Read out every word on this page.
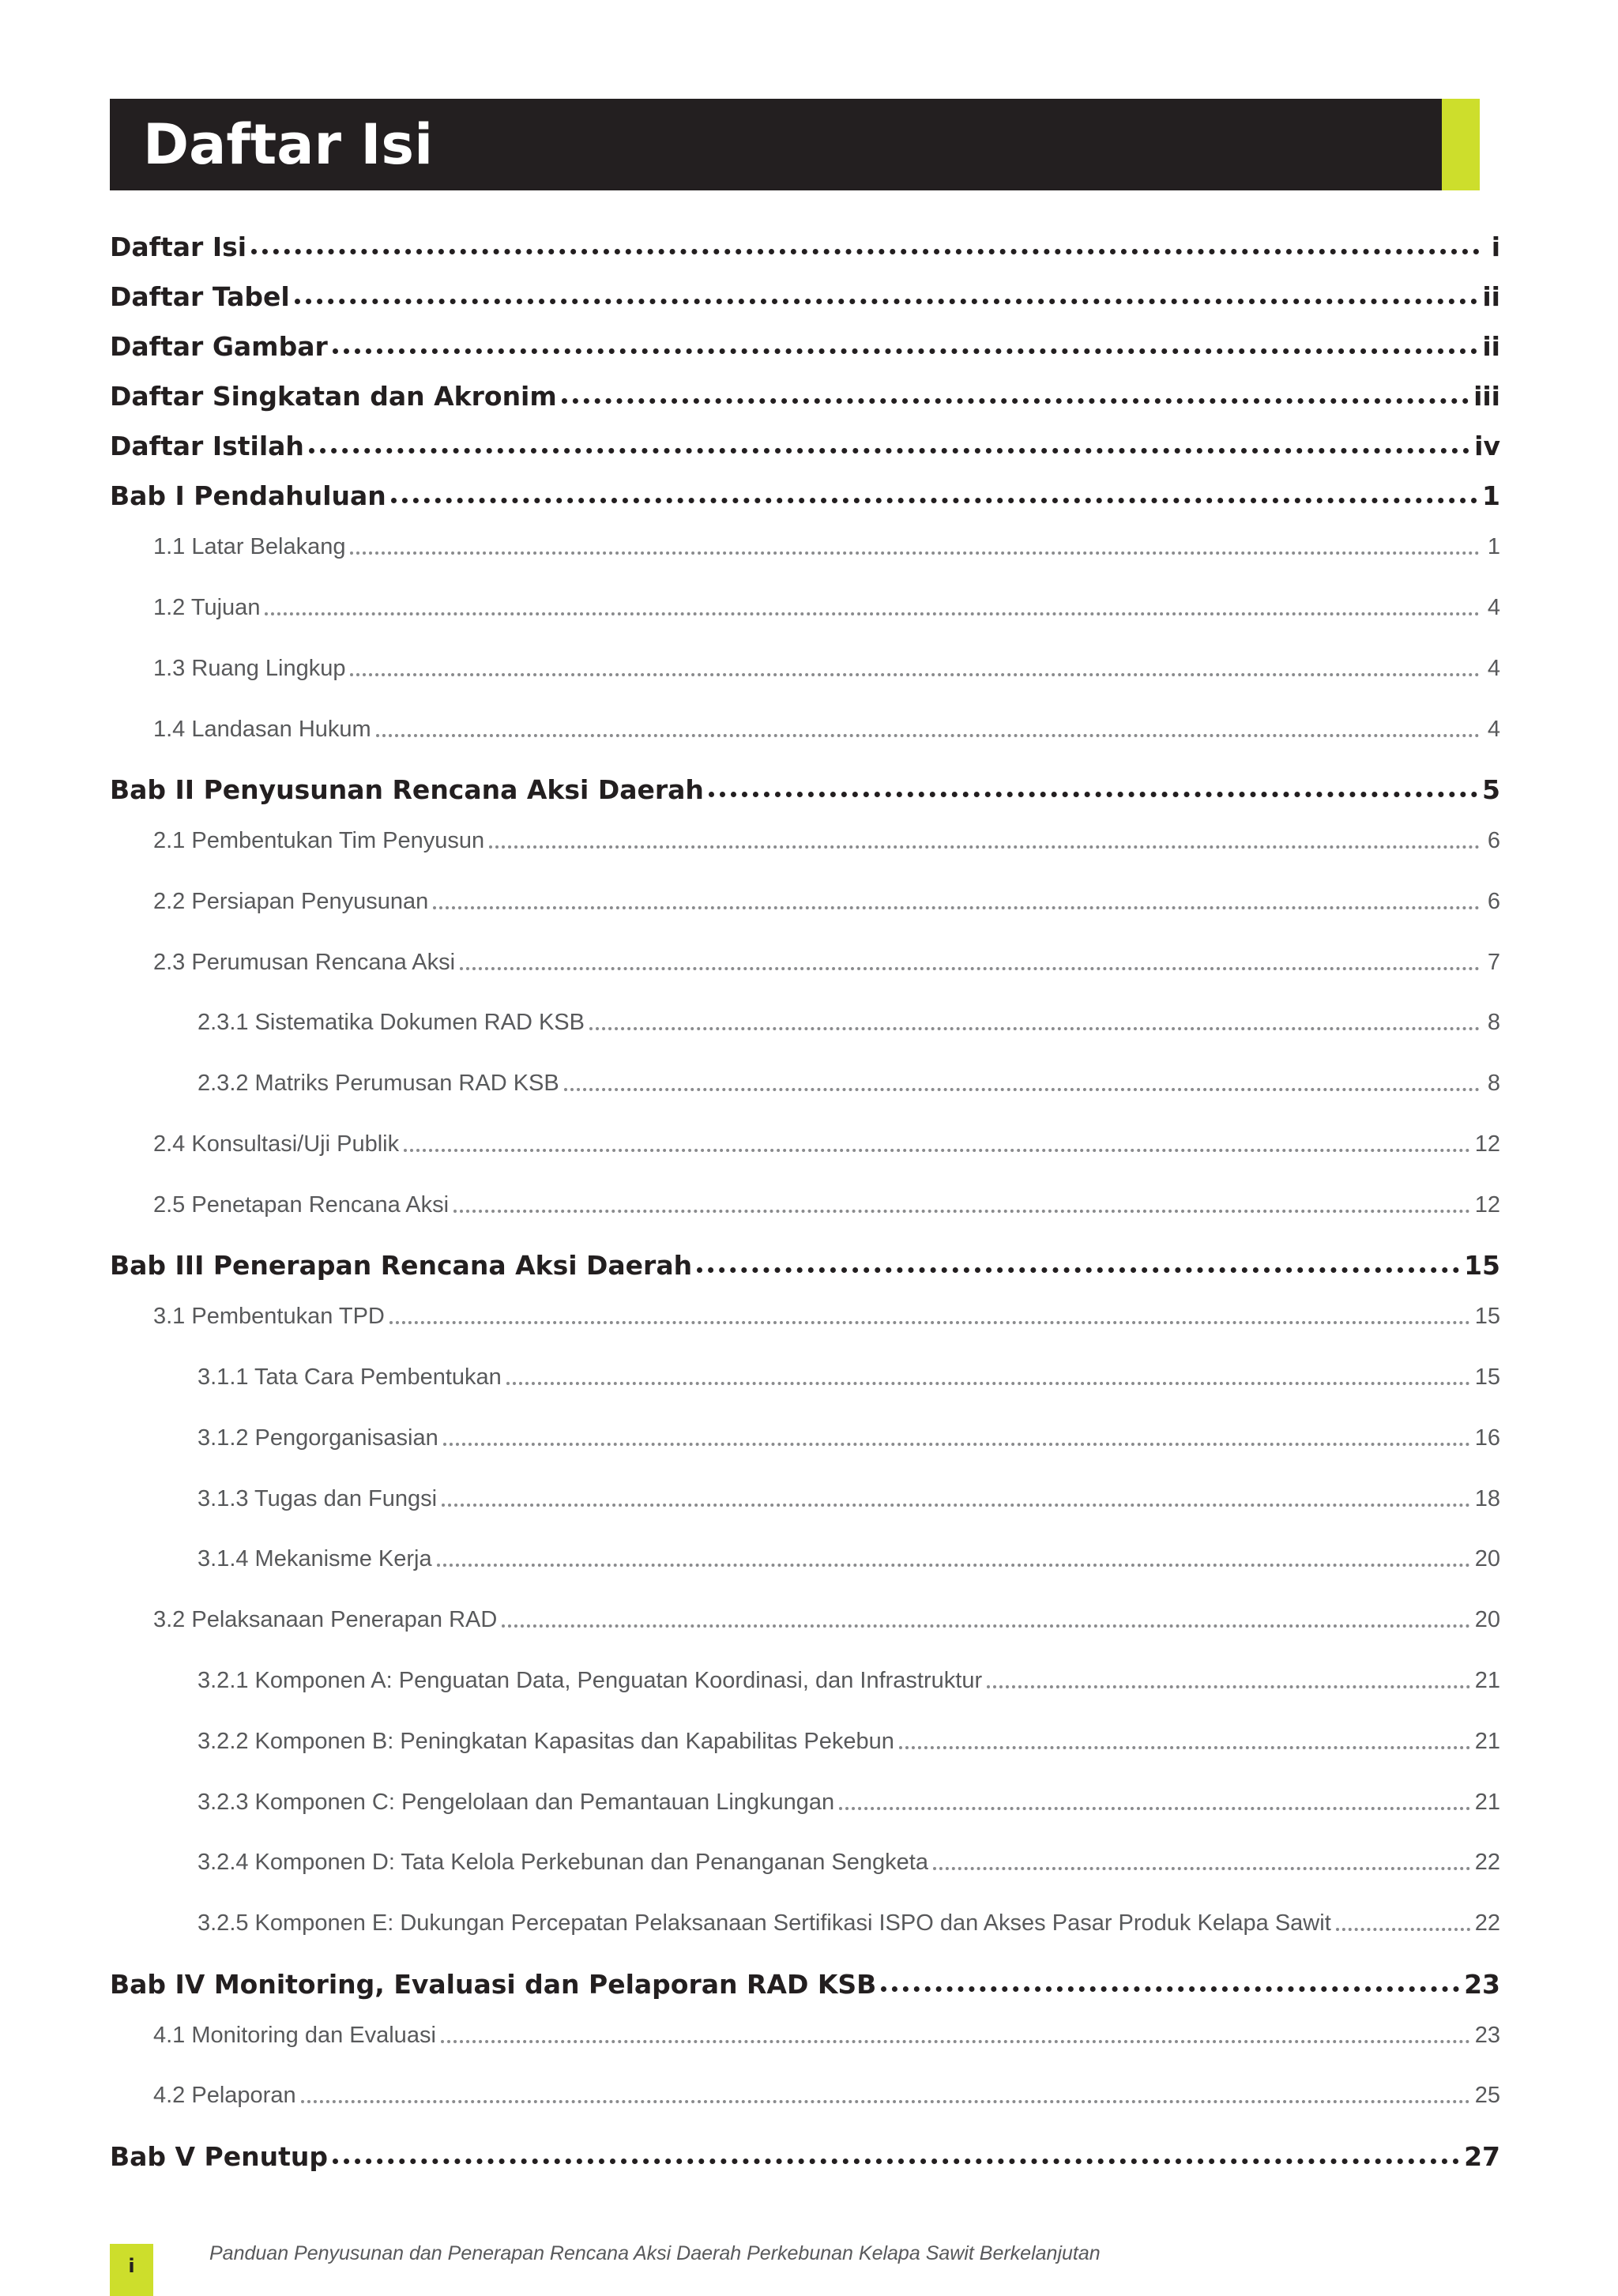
Daftar Isi
Daftar Isi	i
Daftar Tabel	ii
Daftar Gambar	ii
Daftar Singkatan dan Akronim	iii
Daftar Istilah	iv
Bab I Pendahuluan	1
1.1 Latar Belakang	1
1.2 Tujuan	4
1.3 Ruang Lingkup	4
1.4 Landasan Hukum	4
Bab II Penyusunan Rencana Aksi Daerah	5
2.1 Pembentukan Tim Penyusun	6
2.2 Persiapan Penyusunan	6
2.3 Perumusan Rencana Aksi	7
2.3.1 Sistematika Dokumen RAD KSB	8
2.3.2 Matriks Perumusan RAD KSB	8
2.4 Konsultasi/Uji Publik	12
2.5 Penetapan Rencana Aksi	12
Bab III Penerapan Rencana Aksi Daerah	15
3.1 Pembentukan TPD	15
3.1.1 Tata Cara Pembentukan	15
3.1.2 Pengorganisasian	16
3.1.3 Tugas dan Fungsi	18
3.1.4 Mekanisme Kerja	20
3.2 Pelaksanaan Penerapan RAD	20
3.2.1 Komponen A: Penguatan Data, Penguatan Koordinasi, dan Infrastruktur	21
3.2.2 Komponen B: Peningkatan Kapasitas dan Kapabilitas Pekebun	21
3.2.3 Komponen C: Pengelolaan dan Pemantauan Lingkungan	21
3.2.4 Komponen D: Tata Kelola Perkebunan dan Penanganan Sengketa	22
3.2.5 Komponen E: Dukungan Percepatan Pelaksanaan Sertifikasi ISPO dan Akses Pasar Produk Kelapa Sawit	22
Bab IV Monitoring, Evaluasi dan Pelaporan RAD KSB	23
4.1 Monitoring dan Evaluasi	23
4.2 Pelaporan	25
Bab V Penutup	27
i
Panduan Penyusunan dan Penerapan Rencana Aksi Daerah Perkebunan Kelapa Sawit Berkelanjutan
